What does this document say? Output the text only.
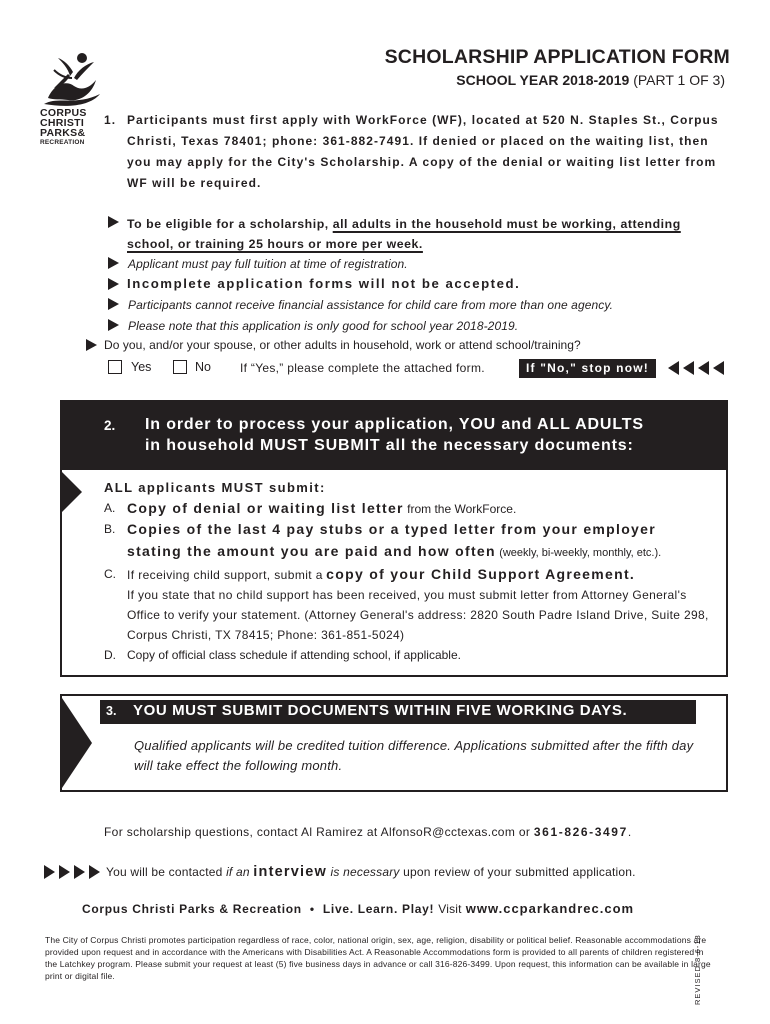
CORPUS
CHRISTI
PARKS&
RECREATION
SCHOLARSHIP APPLICATION FORM
SCHOOL YEAR 2018-2019 (PART 1 OF 3)
1. Participants must first apply with WorkForce (WF), located at 520 N. Staples St., Corpus Christi, Texas 78401; phone: 361-882-7491. If denied or placed on the waiting list, then you may apply for the City's Scholarship. A copy of the denial or waiting list letter from WF will be required.
To be eligible for a scholarship, all adults in the household must be working, attending school, or training 25 hours or more per week.
Applicant must pay full tuition at time of registration.
Incomplete application forms will not be accepted.
Participants cannot receive financial assistance for child care from more than one agency.
Please note that this application is only good for school year 2018-2019.
Do you, and/or your spouse, or other adults in household, work or attend school/training?
Yes	No If “Yes,” please complete the attached form.	If "No," stop now!
2. In order to process your application, YOU and ALL ADULTS
in household MUST SUBMIT all the necessary documents:
ALL applicants MUST submit:
A. Copy of denial or waiting list letter from the WorkForce.
B. Copies of the last 4 pay stubs or a typed letter from your employer stating the amount you are paid and how often (weekly, bi-weekly, monthly, etc.).
C. If receiving child support, submit a copy of your Child Support Agreement.
If you state that no child support has been received, you must submit letter from Attorney General's Office to verify your statement. (Attorney General's address: 2820 South Padre Island Drive, Suite 298, Corpus Christi, TX 78415; Phone: 361-851-5024)
D. Copy of official class schedule if attending school, if applicable.
3. YOU MUST SUBMIT DOCUMENTS WITHIN FIVE WORKING DAYS.
Qualified applicants will be credited tuition difference. Applications submitted after the fifth day will take effect the following month.
For scholarship questions, contact Al Ramirez at AlfonsoR@cctexas.com or 361-826-3497.
You will be contacted if an interview is necessary upon review of your submitted application.
Corpus Christi Parks & Recreation • Live. Learn. Play! Visit www.ccparkandrec.com
The City of Corpus Christi promotes participation regardless of race, color, national origin, sex, age, religion, disability or political belief. Reasonable accommodations are provided upon request and in accordance with the Americans with Disabilities Act. A Reasonable Accommodations form is provided to all parents of children registered in the Latchkey program. Please submit your request at least (5) five business days in advance or call 316-826-3499. Upon request, this information can be available in large print or digital file.	REVISED 8-6-18
